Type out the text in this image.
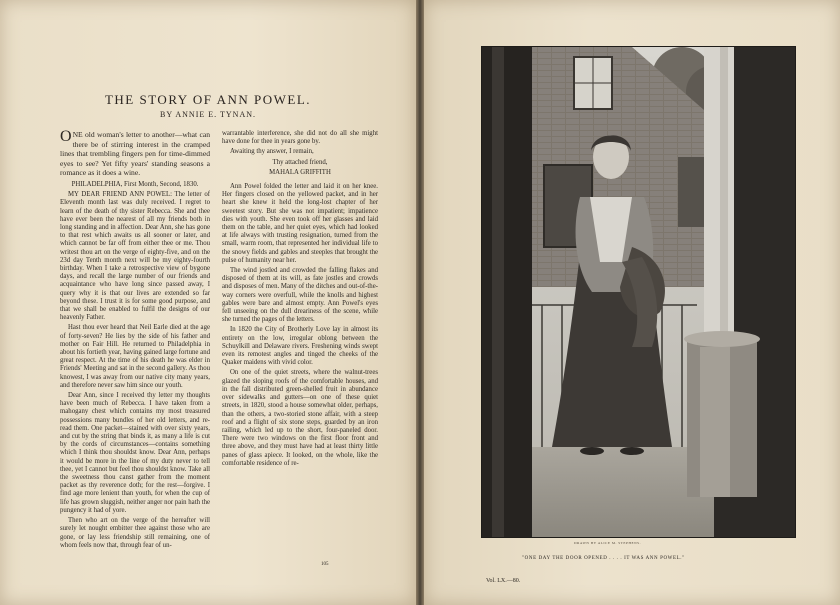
THE STORY OF ANN POWEL.
BY ANNIE E. TYNAN.

ONE old woman's letter to another—what can there be of stirring interest in the cramped lines that trembling fingers pen for time-dimmed eyes to see? Yet fifty years' standing seasons a romance as it does a wine.

PHILADELPHIA, First Month, Second, 1830.

MY DEAR FRIEND ANN POWEL: The letter of Eleventh month last was duly received. I regret to learn of the death of thy sister Rebecca. She and thee have ever been the nearest of all my friends both in long standing and in affection. Dear Ann, she has gone to that rest which awaits us all sooner or later, and which cannot be far off from either thee or me. Thou writest thou art on the verge of eighty-five, and on the 23d day Tenth month next will be my eighty-fourth birthday. When I take a retrospective view of bygone days, and recall the large number of our friends and acquaintance who have long since passed away, I query why it is that our lives are extended so far beyond these. I trust it is for some good purpose, and that we shall be enabled to fulfil the designs of our heavenly Father.

Hast thou ever heard that Neil Earle died at the age of forty-seven? He lies by the side of his father and mother on Fair Hill. He returned to Philadelphia in about his fortieth year, having gained large fortune and great respect. At the time of his death he was elder in Friends' Meeting and sat in the second gallery. As thou knowest, I was away from our native city many years, and therefore never saw him since our youth.

Dear Ann, since I received thy letter my thoughts have been much of Rebecca. I have taken from a mahogany chest which contains my most treasured possessions many bundles of her old letters, and re-read them. One packet—stained with over sixty years, and cut by the string that binds it, as many a life is cut by the cords of circumstances—contains something which I think thou shouldst know. Dear Ann, perhaps it would be more in the line of my duty never to tell thee, yet I cannot but feel thou shouldst know. Take all the sweetness thou canst gather from the moment packet as thy reverence doth; for the rest—forgive. I find age more lenient than youth, for when the cup of life has grown sluggish, neither anger nor pain hath the pungency it had of yore.

Then who art on the verge of the hereafter will surely let nought embitter thee against those who are gone, or lay less friendship still remaining, one of whom feels now that, through fear of un-

warrantable interference, she did not do all she might have done for thee in years gone by.

Awaiting thy answer, I remain,

Thy attached friend,

MAHALA GRIFFITH

Ann Powel folded the letter and laid it on her knee. Her fingers closed on the yellowed packet, and in her heart she knew it held the long-lost chapter of her sweetest story. But she was not impatient; impatience dies with youth. She even took off her glasses and laid them on the table, and her quiet eyes, which had looked at life always with trusting resignation, turned from the small, warm room, that represented her individual life to the snowy fields and gables and steeples that brought the pulse of humanity near her.

The wind jostled and crowded the falling flakes and disposed of them at its will, as fate jostles and crowds and disposes of men. Many of the ditches and out-of-the-way corners were overfull, while the knolls and highest gables were bare and almost empty. Ann Powel's eyes fell unseeing on the dull dreariness of the scene, while she turned the pages of the letters.

In 1820 the City of Brotherly Love lay in almost its entirety on the low, irregular oblong between the Schuylkill and Delaware rivers. Freshening winds swept even its remotest angles and tinged the cheeks of the Quaker maidens with vivid color.

On one of the quiet streets, where the walnut-trees glazed the sloping roofs of the comfortable houses, and in the fall distributed green-shelled fruit in abundance over sidewalks and gutters—on one of these quiet streets, in 1820, stood a house somewhat older, perhaps, than the others, a two-storied stone affair, with a steep roof and a flight of six stone steps, guarded by an iron railing, which led up to the short, four-paneled door. There were two windows on the first floor front and three above, and they must have had at least thirty little panes of glass apiece. It looked, on the whole, like the comfortable residence of re-

105
DRAWN BY ALICE M. STEPHENS.
"ONE DAY THE DOOR OPENED . . . . IT WAS ANN POWEL."
Vol. LX.—80.
